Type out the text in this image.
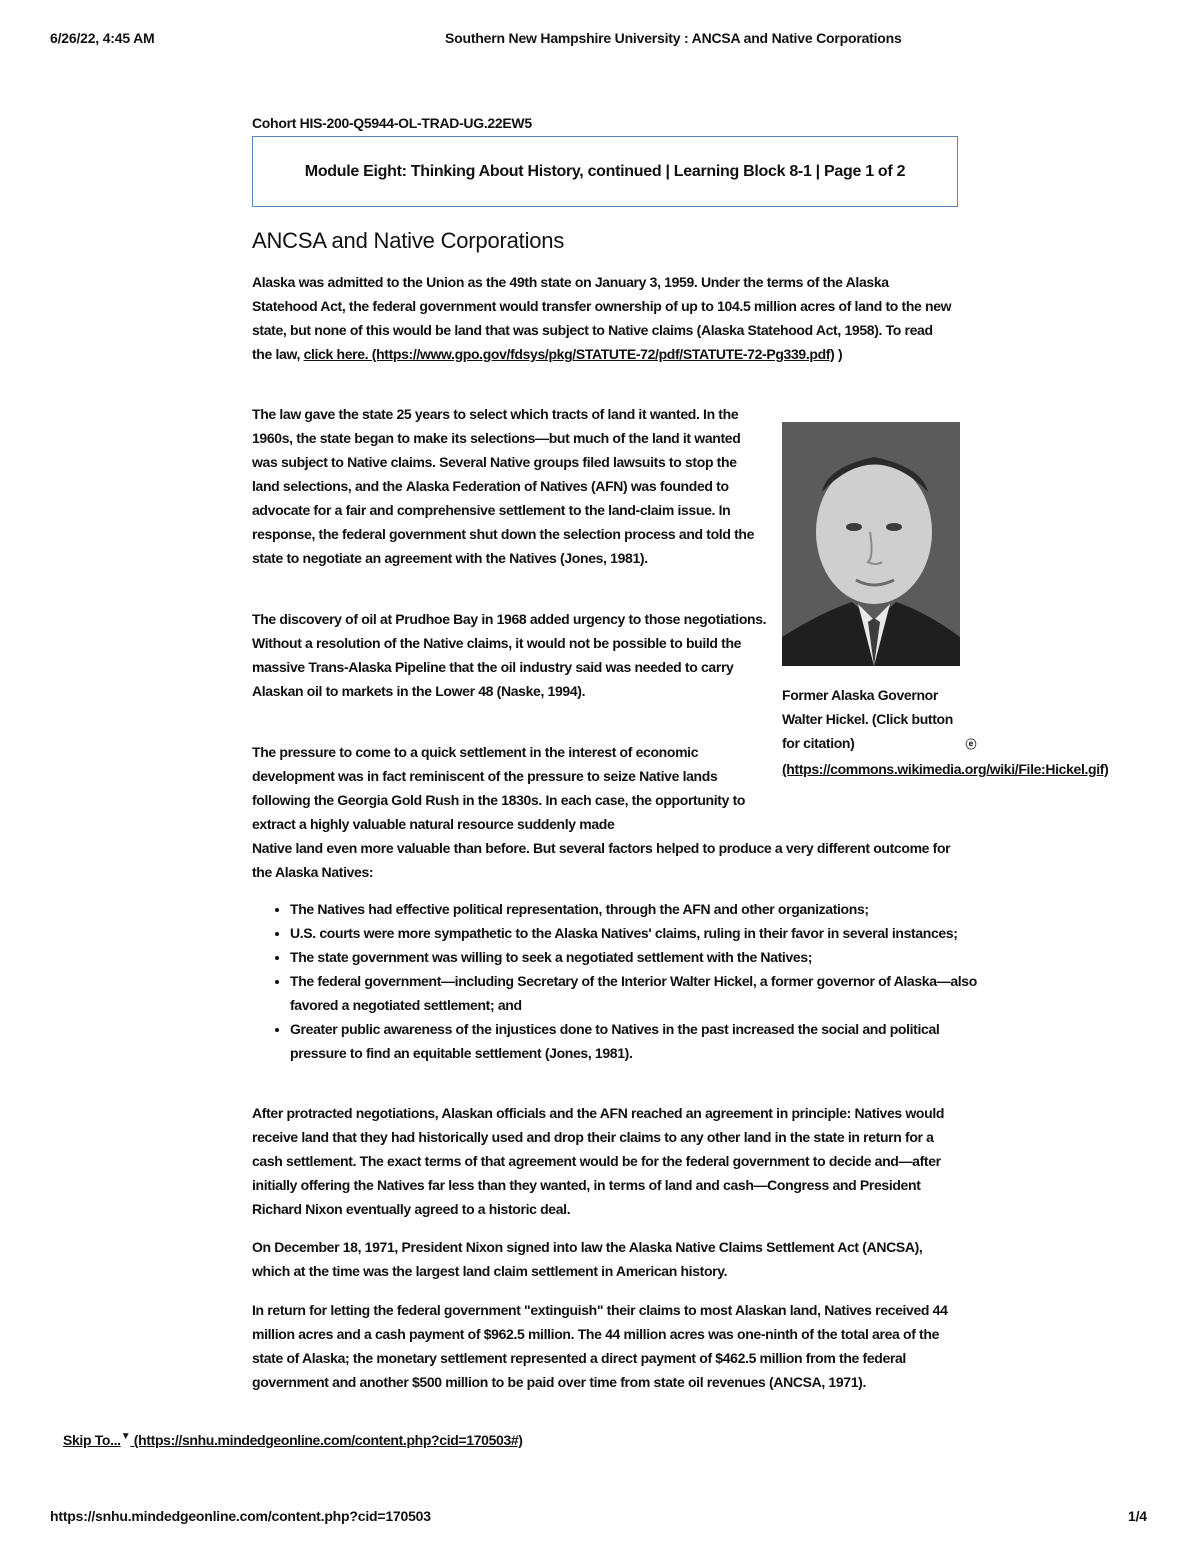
6/26/22, 4:45 AM	Southern New Hampshire University : ANCSA and Native Corporations
Cohort HIS-200-Q5944-OL-TRAD-UG.22EW5
Module Eight: Thinking About History, continued | Learning Block 8-1 | Page 1 of 2
ANCSA and Native Corporations

Alaska was admitted to the Union as the 49th state on January 3, 1959. Under the terms of the Alaska Statehood Act, the federal government would transfer ownership of up to 104.5 million acres of land to the new state, but none of this would be land that was subject to Native claims (Alaska Statehood Act, 1958). To read the law, click here. (https://www.gpo.gov/fdsys/pkg/STATUTE-72/pdf/STATUTE-72-Pg339.pdf) )

The law gave the state 25 years to select which tracts of land it wanted. In the 1960s, the state began to make its selections—but much of the land it wanted was subject to Native claims. Several Native groups filed lawsuits to stop the land selections, and the Alaska Federation of Natives (AFN) was founded to advocate for a fair and comprehensive settlement to the land-claim issue. In response, the federal government shut down the selection process and told the state to negotiate an agreement with the Natives (Jones, 1981).

Former Alaska Governor Walter Hickel. (Click button for citation)	ⓔ
(https://commons.wikimedia.org/wiki/File:Hickel.gif)

The discovery of oil at Prudhoe Bay in 1968 added urgency to those negotiations. Without a resolution of the Native claims, it would not be possible to build the massive Trans-Alaska Pipeline that the oil industry said was needed to carry Alaskan oil to markets in the Lower 48 (Naske, 1994).

The pressure to come to a quick settlement in the interest of economic development was in fact reminiscent of the pressure to seize Native lands following the Georgia Gold Rush in the 1830s. In each case, the opportunity to extract a highly valuable natural resource suddenly made

Native land even more valuable than before. But several factors helped to produce a very different outcome for the Alaska Natives:

• The Natives had effective political representation, through the AFN and other organizations;
• U.S. courts were more sympathetic to the Alaska Natives' claims, ruling in their favor in several instances;
• The state government was willing to seek a negotiated settlement with the Natives;
• The federal government—including Secretary of the Interior Walter Hickel, a former governor of Alaska—also favored a negotiated settlement; and
• Greater public awareness of the injustices done to Natives in the past increased the social and political pressure to find an equitable settlement (Jones, 1981).

After protracted negotiations, Alaskan officials and the AFN reached an agreement in principle: Natives would receive land that they had historically used and drop their claims to any other land in the state in return for a cash settlement. The exact terms of that agreement would be for the federal government to decide and—after initially offering the Natives far less than they wanted, in terms of land and cash—Congress and President Richard Nixon eventually agreed to a historic deal.

On December 18, 1971, President Nixon signed into law the Alaska Native Claims Settlement Act (ANCSA), which at the time was the largest land claim settlement in American history.

In return for letting the federal government "extinguish" their claims to most Alaskan land, Natives received 44 million acres and a cash payment of $962.5 million. The 44 million acres was one-ninth of the total area of the state of Alaska; the monetary settlement represented a direct payment of $462.5 million from the federal government and another $500 million to be paid over time from state oil revenues (ANCSA, 1971).

Skip To...▼ (https://snhu.mindedgeonline.com/content.php?cid=170503#)
https://snhu.mindedgeonline.com/content.php?cid=170503	1/4
